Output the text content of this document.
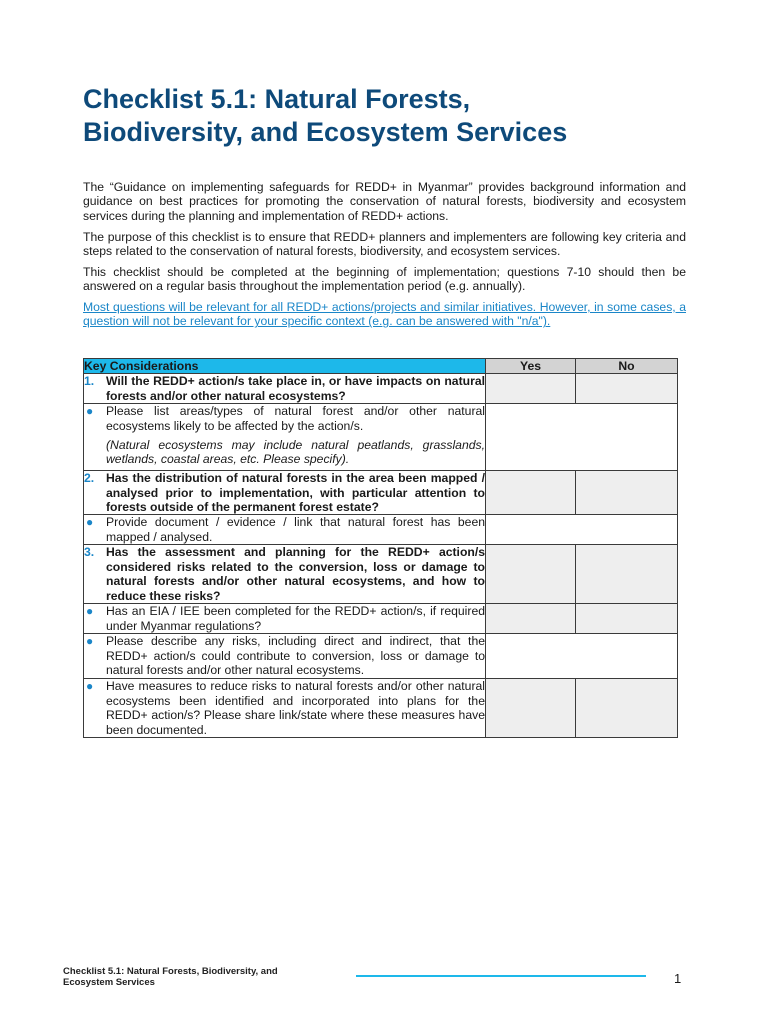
Checklist 5.1: Natural Forests,
Biodiversity, and Ecosystem Services

The “Guidance on implementing safeguards for REDD+ in Myanmar” provides background information and guidance on best practices for promoting the conservation of natural forests, biodiversity and ecosystem services during the planning and implementation of REDD+ actions.

The purpose of this checklist is to ensure that REDD+ planners and implementers are following key criteria and steps related to the conservation of natural forests, biodiversity, and ecosystem services.

This checklist should be completed at the beginning of implementation; questions 7-10 should then be answered on a regular basis throughout the implementation period (e.g. annually).

Most questions will be relevant for all REDD+ actions/projects and similar initiatives. However, in some cases, a question will not be relevant for your specific context (e.g. can be answered with "n/a").

Key Considerations	Yes	No

1. Will the REDD+ action/s take place in, or have impacts on natural forests and/or other natural ecosystems?		

● Please list areas/types of natural forest and/or other natural ecosystems likely to be affected by the action/s.
(Natural ecosystems may include natural peatlands, grasslands, wetlands, coastal areas, etc. Please specify).		

2. Has the distribution of natural forests in the area been mapped / analysed prior to implementation, with particular attention to forests outside of the permanent forest estate?		

● Provide document / evidence / link that natural forest has been mapped / analysed.		

3. Has the assessment and planning for the REDD+ action/s considered risks related to the conversion, loss or damage to natural forests and/or other natural ecosystems, and how to reduce these risks?		

● Has an EIA / IEE been completed for the REDD+ action/s, if required under Myanmar regulations?		

● Please describe any risks, including direct and indirect, that the REDD+ action/s could contribute to conversion, loss or damage to natural forests and/or other natural ecosystems.		

● Have measures to reduce risks to natural forests and/or other natural ecosystems been identified and incorporated into plans for the REDD+ action/s? Please share link/state where these measures have been documented.		

Checklist 5.1: Natural Forests, Biodiversity, and
Ecosystem Services	1
